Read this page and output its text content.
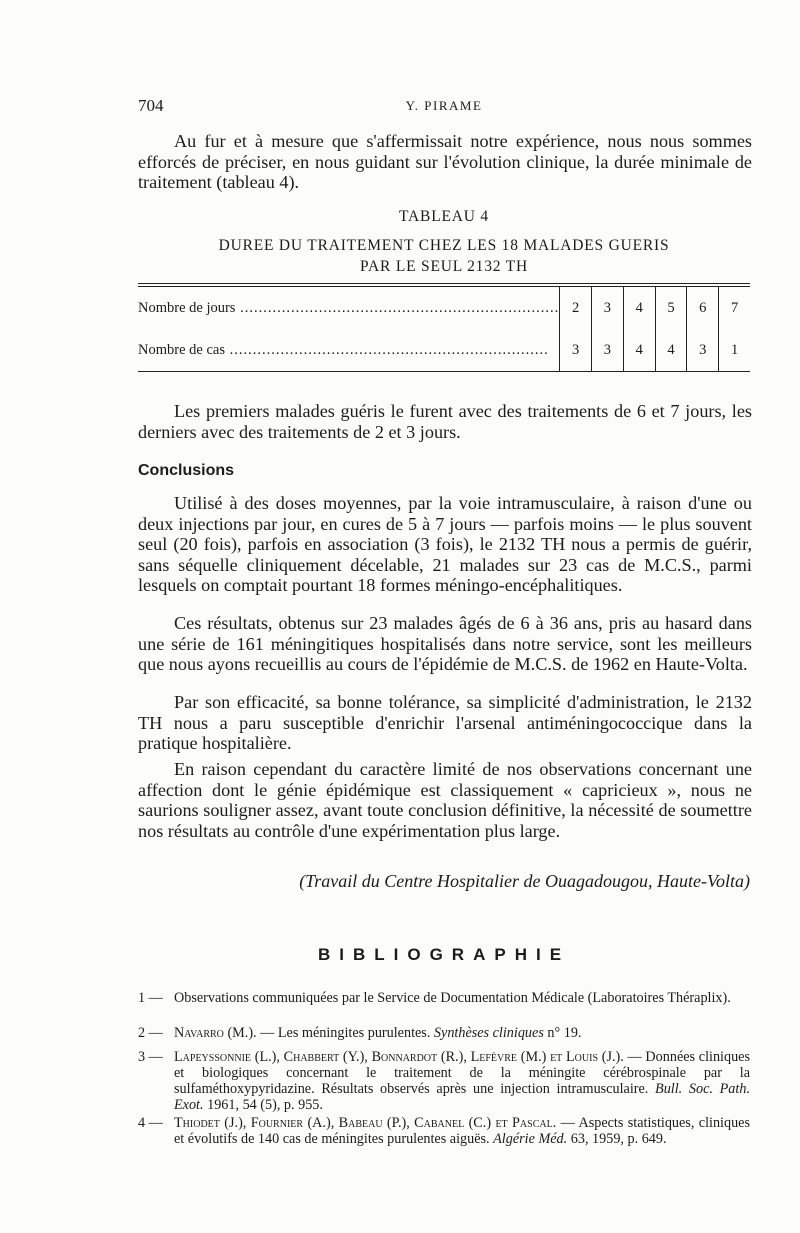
704	Y. PIRAME

Au fur et à mesure que s'affermissait notre expérience, nous nous sommes efforcés de préciser, en nous guidant sur l'évolution clinique, la durée minimale de traitement (tableau 4).

TABLEAU 4

DUREE DU TRAITEMENT CHEZ LES 18 MALADES GUERIS

PAR LE SEUL 2132 TH

Nombre de jours .....	2	3	4	5	6	7
Nombre de cas .....	3	3	4	4	3	1

Les premiers malades guéris le furent avec des traitements de 6 et 7 jours, les derniers avec des traitements de 2 et 3 jours.

Conclusions

Utilisé à des doses moyennes, par la voie intramusculaire, à raison d'une ou deux injections par jour, en cures de 5 à 7 jours — parfois moins — le plus souvent seul (20 fois), parfois en association (3 fois), le 2132 TH nous a permis de guérir, sans séquelle cliniquement décelable, 21 malades sur 23 cas de M.C.S., parmi lesquels on comptait pourtant 18 formes méningo-encéphalitiques.

Ces résultats, obtenus sur 23 malades âgés de 6 à 36 ans, pris au hasard dans une série de 161 méningitiques hospitalisés dans notre service, sont les meilleurs que nous ayons recueillis au cours de l'épidémie de M.C.S. de 1962 en Haute-Volta.

Par son efficacité, sa bonne tolérance, sa simplicité d'administration, le 2132 TH nous a paru susceptible d'enrichir l'arsenal antiméningococcique dans la pratique hospitalière.

En raison cependant du caractère limité de nos observations concernant une affection dont le génie épidémique est classiquement « capricieux », nous ne saurions souligner assez, avant toute conclusion définitive, la nécessité de soumettre nos résultats au contrôle d'une expérimentation plus large.

(Travail du Centre Hospitalier de Ouagadougou, Haute-Volta)

BIBLIOGRAPHIE
1 — Observations communiquées par le Service de Documentation Médicale (Laboratoires Théraplix).
2 — Navarro (M.). — Les méningites purulentes. Synthèses cliniques n° 19.
3 — Lapeyssonnie (L.), Chabbert (Y.), Bonnardot (R.), Lefèvre (M.) et Louis (J.). — Données cliniques et biologiques concernant le traitement de la méningite cérébrospinale par la sulfaméthoxypyridazine. Résultats observés après une injection intramusculaire. Bull. Soc. Path. Exot. 1961, 54 (5), p. 955.
4 — Thiodet (J.), Fournier (A.), Babeau (P.), Cabanel (C.) et Pascal. — Aspects statistiques, cliniques et évolutifs de 140 cas de méningites purulentes aiguës. Algérie Méd. 63, 1959, p. 649.
